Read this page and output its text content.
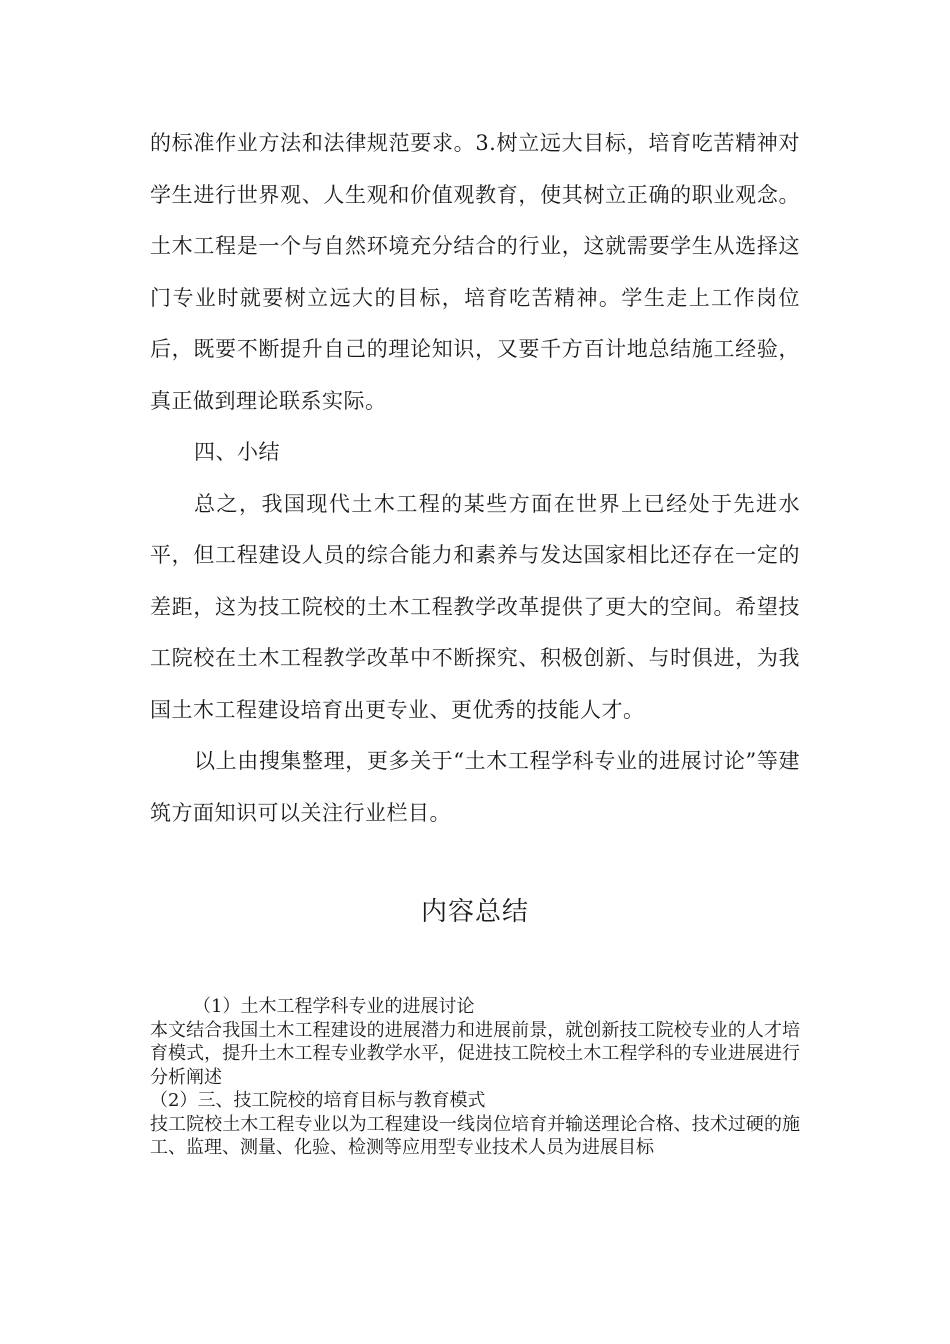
的标准作业方法和法律规范要求。3.树立远大目标，培育吃苦精神对学生进行世界观、人生观和价值观教育，使其树立正确的职业观念。土木工程是一个与自然环境充分结合的行业，这就需要学生从选择这门专业时就要树立远大的目标，培育吃苦精神。学生走上工作岗位后，既要不断提升自己的理论知识，又要千方百计地总结施工经验，真正做到理论联系实际。

四、小结

总之，我国现代土木工程的某些方面在世界上已经处于先进水平，但工程建设人员的综合能力和素养与发达国家相比还存在一定的差距，这为技工院校的土木工程教学改革提供了更大的空间。希望技工院校在土木工程教学改革中不断探究、积极创新、与时俱进，为我国土木工程建设培育出更专业、更优秀的技能人才。

以上由搜集整理，更多关于“土木工程学科专业的进展讨论”等建筑方面知识可以关注行业栏目。

内容总结

（1）土木工程学科专业的进展讨论

本文结合我国土木工程建设的进展潜力和进展前景，就创新技工院校专业的人才培育模式，提升土木工程专业教学水平，促进技工院校土木工程学科的专业进展进行分析阐述

（2）三、技工院校的培育目标与教育模式

技工院校土木工程专业以为工程建设一线岗位培育并输送理论合格、技术过硬的施工、监理、测量、化验、检测等应用型专业技术人员为进展目标
